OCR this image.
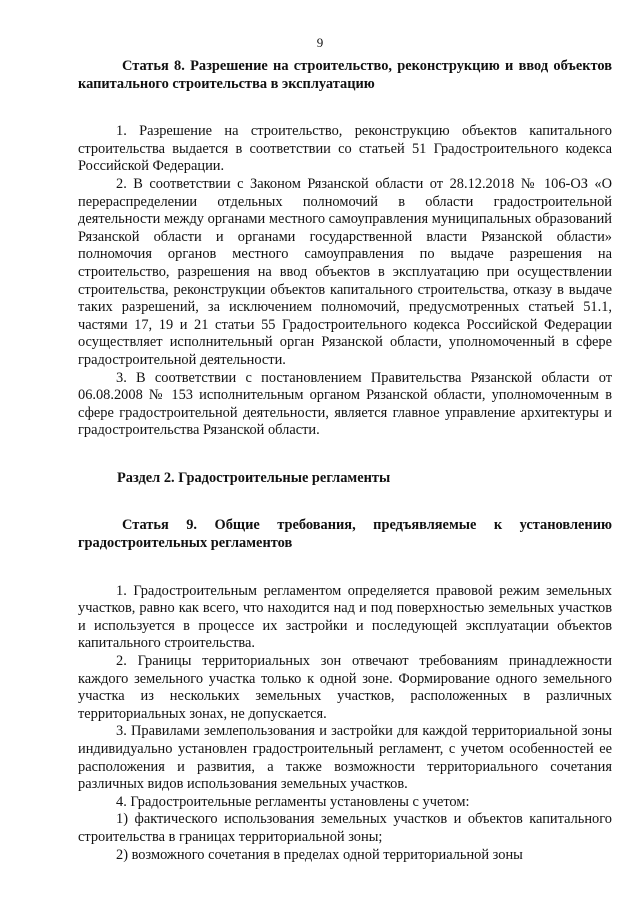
9

Статья 8. Разрешение на строительство, реконструкцию и ввод объектов капитального строительства в эксплуатацию

1. Разрешение на строительство, реконструкцию объектов капитального строительства выдается в соответствии со статьей 51 Градостроительного кодекса Российской Федерации.

2. В соответствии с Законом Рязанской области от 28.12.2018 № 106-ОЗ «О перераспределении отдельных полномочий в области градостроительной деятельности между органами местного самоуправления муниципальных образований Рязанской области и органами государственной власти Рязанской области» полномочия органов местного самоуправления по выдаче разрешения на строительство, разрешения на ввод объектов в эксплуатацию при осуществлении строительства, реконструкции объектов капитального строительства, отказу в выдаче таких разрешений, за исключением полномочий, предусмотренных статьей 51.1, частями 17, 19 и 21 статьи 55 Градостроительного кодекса Российской Федерации осуществляет исполнительный орган Рязанской области, уполномоченный в сфере градостроительной деятельности.

3. В соответствии с постановлением Правительства Рязанской области от 06.08.2008 № 153 исполнительным органом Рязанской области, уполномоченным в сфере градостроительной деятельности, является главное управление архитектуры и градостроительства Рязанской области.

Раздел 2. Градостроительные регламенты

Статья 9. Общие требования, предъявляемые к установлению градостроительных регламентов

1. Градостроительным регламентом определяется правовой режим земельных участков, равно как всего, что находится над и под поверхностью земельных участков и используется в процессе их застройки и последующей эксплуатации объектов капитального строительства.

2. Границы территориальных зон отвечают требованиям принадлежности каждого земельного участка только к одной зоне. Формирование одного земельного участка из нескольких земельных участков, расположенных в различных территориальных зонах, не допускается.

3. Правилами землепользования и застройки для каждой территориальной зоны индивидуально установлен градостроительный регламент, с учетом особенностей ее расположения и развития, а также возможности территориального сочетания различных видов использования земельных участков.

4. Градостроительные регламенты установлены с учетом:

1) фактического использования земельных участков и объектов капитального строительства в границах территориальной зоны;

2) возможного сочетания в пределах одной территориальной зоны
